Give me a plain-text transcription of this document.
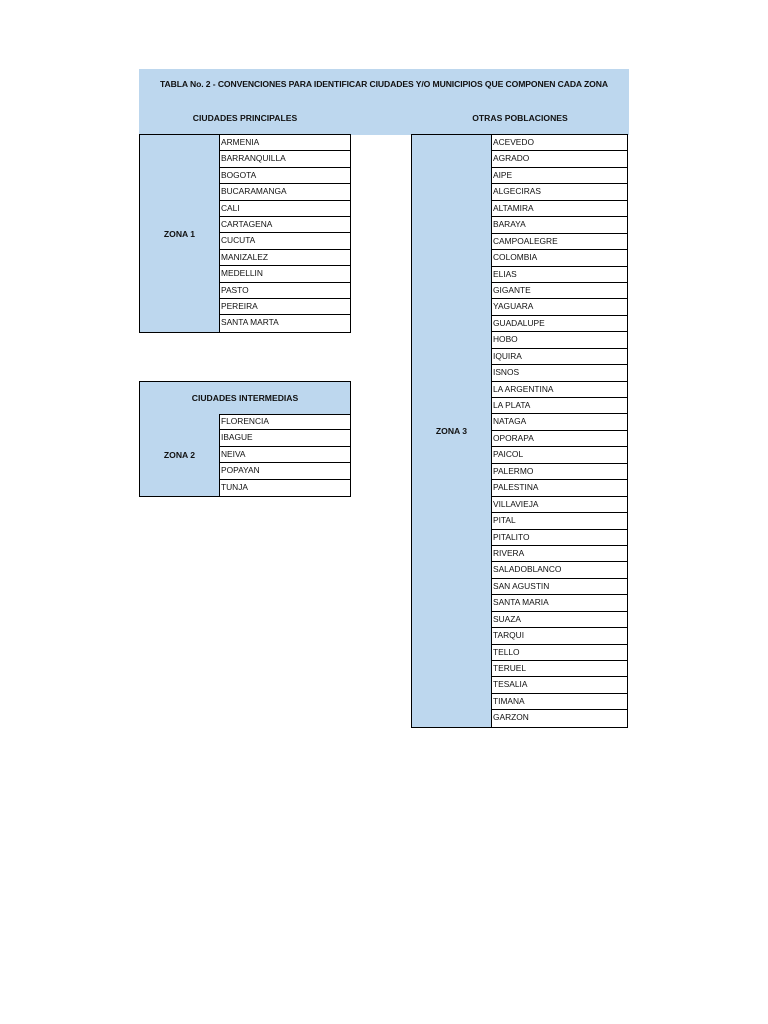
TABLA No. 2 - CONVENCIONES PARA IDENTIFICAR CIUDADES Y/O MUNICIPIOS QUE COMPONEN CADA ZONA
CIUDADES PRINCIPALES	OTRAS POBLACIONES
ZONA 1
ARMENIA
BARRANQUILLA
BOGOTA
BUCARAMANGA
CALI
CARTAGENA
CUCUTA
MANIZALEZ
MEDELLIN
PASTO
PEREIRA
SANTA MARTA
CIUDADES INTERMEDIAS
ZONA 2
FLORENCIA
IBAGUE
NEIVA
POPAYAN
TUNJA
ZONA 3
ACEVEDO
AGRADO
AIPE
ALGECIRAS
ALTAMIRA
BARAYA
CAMPOALEGRE
COLOMBIA
ELIAS
GIGANTE
YAGUARA
GUADALUPE
HOBO
IQUIRA
ISNOS
LA ARGENTINA
LA PLATA
NATAGA
OPORAPA
PAICOL
PALERMO
PALESTINA
VILLAVIEJA
PITAL
PITALITO
RIVERA
SALADOBLANCO
SAN AGUSTIN
SANTA MARIA
SUAZA
TARQUI
TELLO
TERUEL
TESALIA
TIMANA
GARZON
